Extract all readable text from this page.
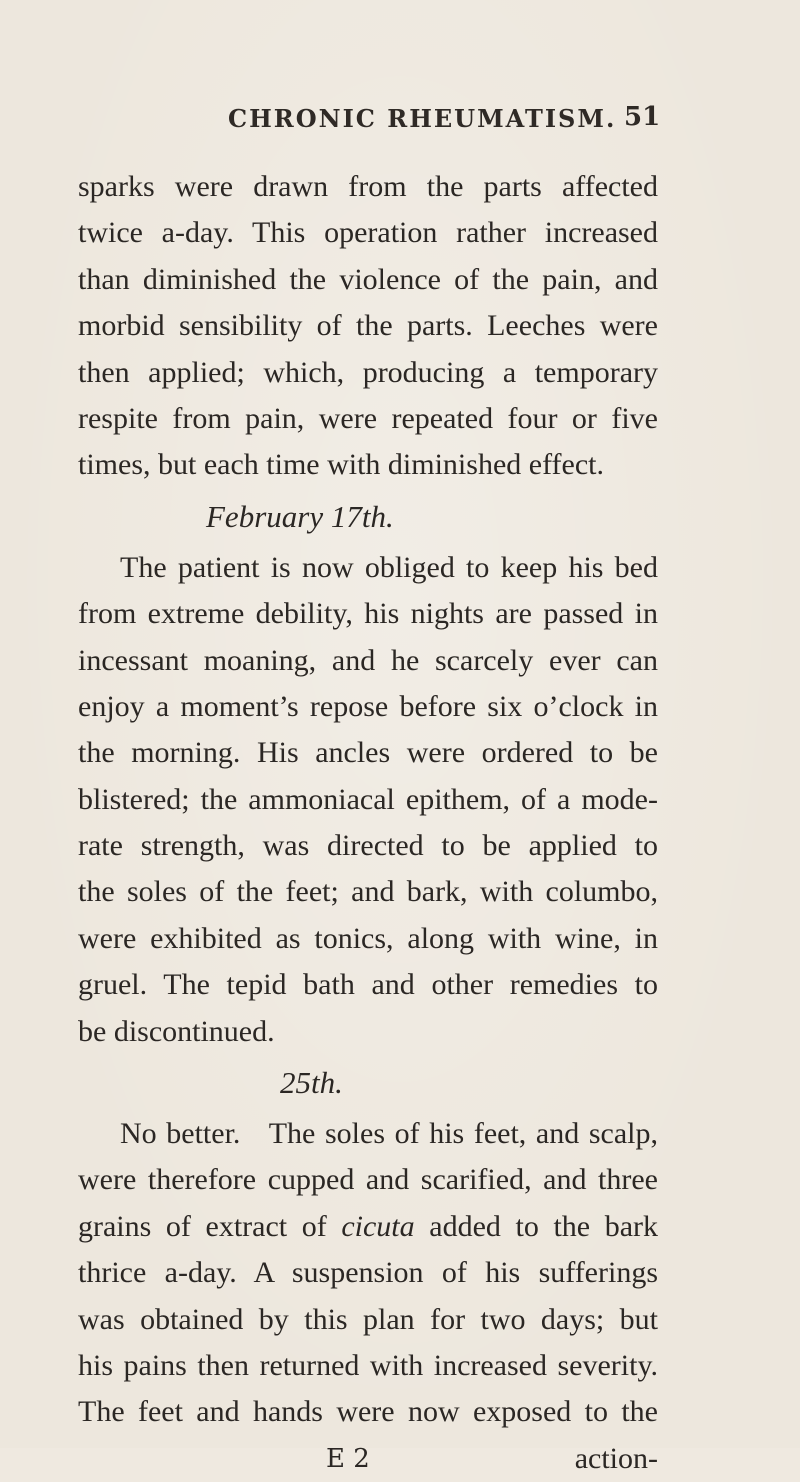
CHRONIC RHEUMATISM. 51
sparks were drawn from the parts affected
twice a-day. This operation rather increased
than diminished the violence of the pain, and
morbid sensibility of the parts. Leeches were
then applied; which, producing a temporary
respite from pain, were repeated four or five
times, but each time with diminished effect.
February 17th.
The patient is now obliged to keep his bed
from extreme debility, his nights are passed in
incessant moaning, and he scarcely ever can
enjoy a moment’s repose before six o’clock in
the morning. His ancles were ordered to be
blistered; the ammoniacal epithem, of a mode-
rate strength, was directed to be applied to
the soles of the feet; and bark, with columbo,
were exhibited as tonics, along with wine, in
gruel. The tepid bath and other remedies to
be discontinued.
25th.
No better. The soles of his feet, and scalp,
were therefore cupped and scarified, and three
grains of extract of cicuta added to the bark
thrice a-day. A suspension of his sufferings
was obtained by this plan for two days; but
his pains then returned with increased severity.
The feet and hands were now exposed to the
E 2	action-
